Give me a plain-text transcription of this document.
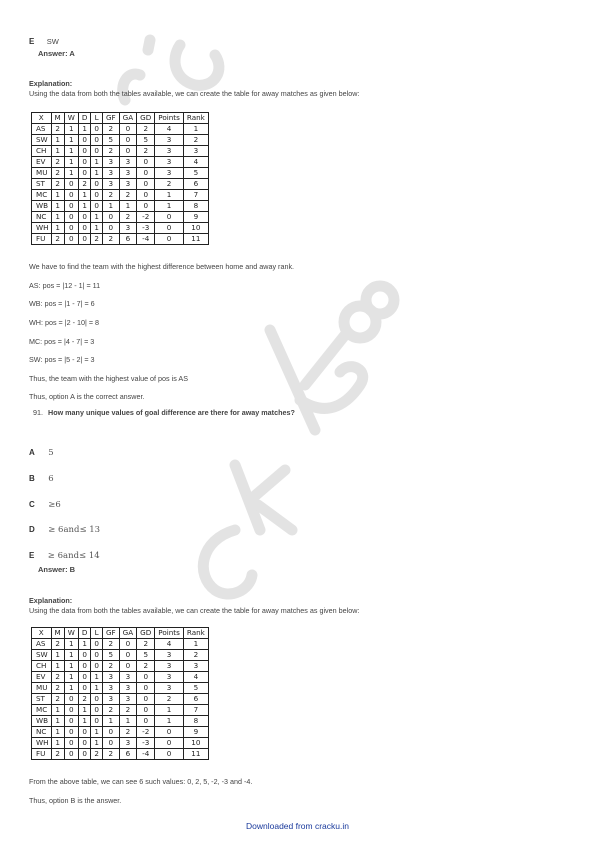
E SW
Answer: A
Explanation:
Using the data from both the tables available, we can create the table for away matches as given below:
X	M	W	D	L	GF	GA	GD	Points	Rank
AS	2	1	1	0	2	0	2	4	1
SW	1	1	0	0	5	0	5	3	2
CH	1	1	0	0	2	0	2	3	3
EV	2	1	0	1	3	3	0	3	4
MU	2	1	0	1	3	3	0	3	5
ST	2	0	2	0	3	3	0	2	6
MC	1	0	1	0	2	2	0	1	7
WB	1	0	1	0	1	1	0	1	8
NC	1	0	0	1	0	2	-2	0	9
WH	1	0	0	1	0	3	-3	0	10
FU	2	0	0	2	2	6	-4	0	11
We have to find the team with the highest difference between home and away rank.
AS: pos = |12 - 1| = 11
WB: pos = |1 - 7| = 6
WH: pos = |2 - 10| = 8
MC: pos = |4 - 7| = 3
SW: pos = |5 - 2| = 3
Thus, the team with the highest value of pos is AS
Thus, option A is the correct answer.
91. How many unique values of goal difference are there for away matches?
A 5
B 6
C ≥6
D ≥ 6and≤ 13
E ≥ 6and≤ 14
Answer: B
Explanation:
Using the data from both the tables available, we can create the table for away matches as given below:
X	M	W	D	L	GF	GA	GD	Points	Rank
AS	2	1	1	0	2	0	2	4	1
SW	1	1	0	0	5	0	5	3	2
CH	1	1	0	0	2	0	2	3	3
EV	2	1	0	1	3	3	0	3	4
MU	2	1	0	1	3	3	0	3	5
ST	2	0	2	0	3	3	0	2	6
MC	1	0	1	0	2	2	0	1	7
WB	1	0	1	0	1	1	0	1	8
NC	1	0	0	1	0	2	-2	0	9
WH	1	0	0	1	0	3	-3	0	10
FU	2	0	0	2	2	6	-4	0	11
From the above table, we can see 6 such values: 0, 2, 5, -2, -3 and -4.
Thus, option B is the answer.
Downloaded from cracku.in
